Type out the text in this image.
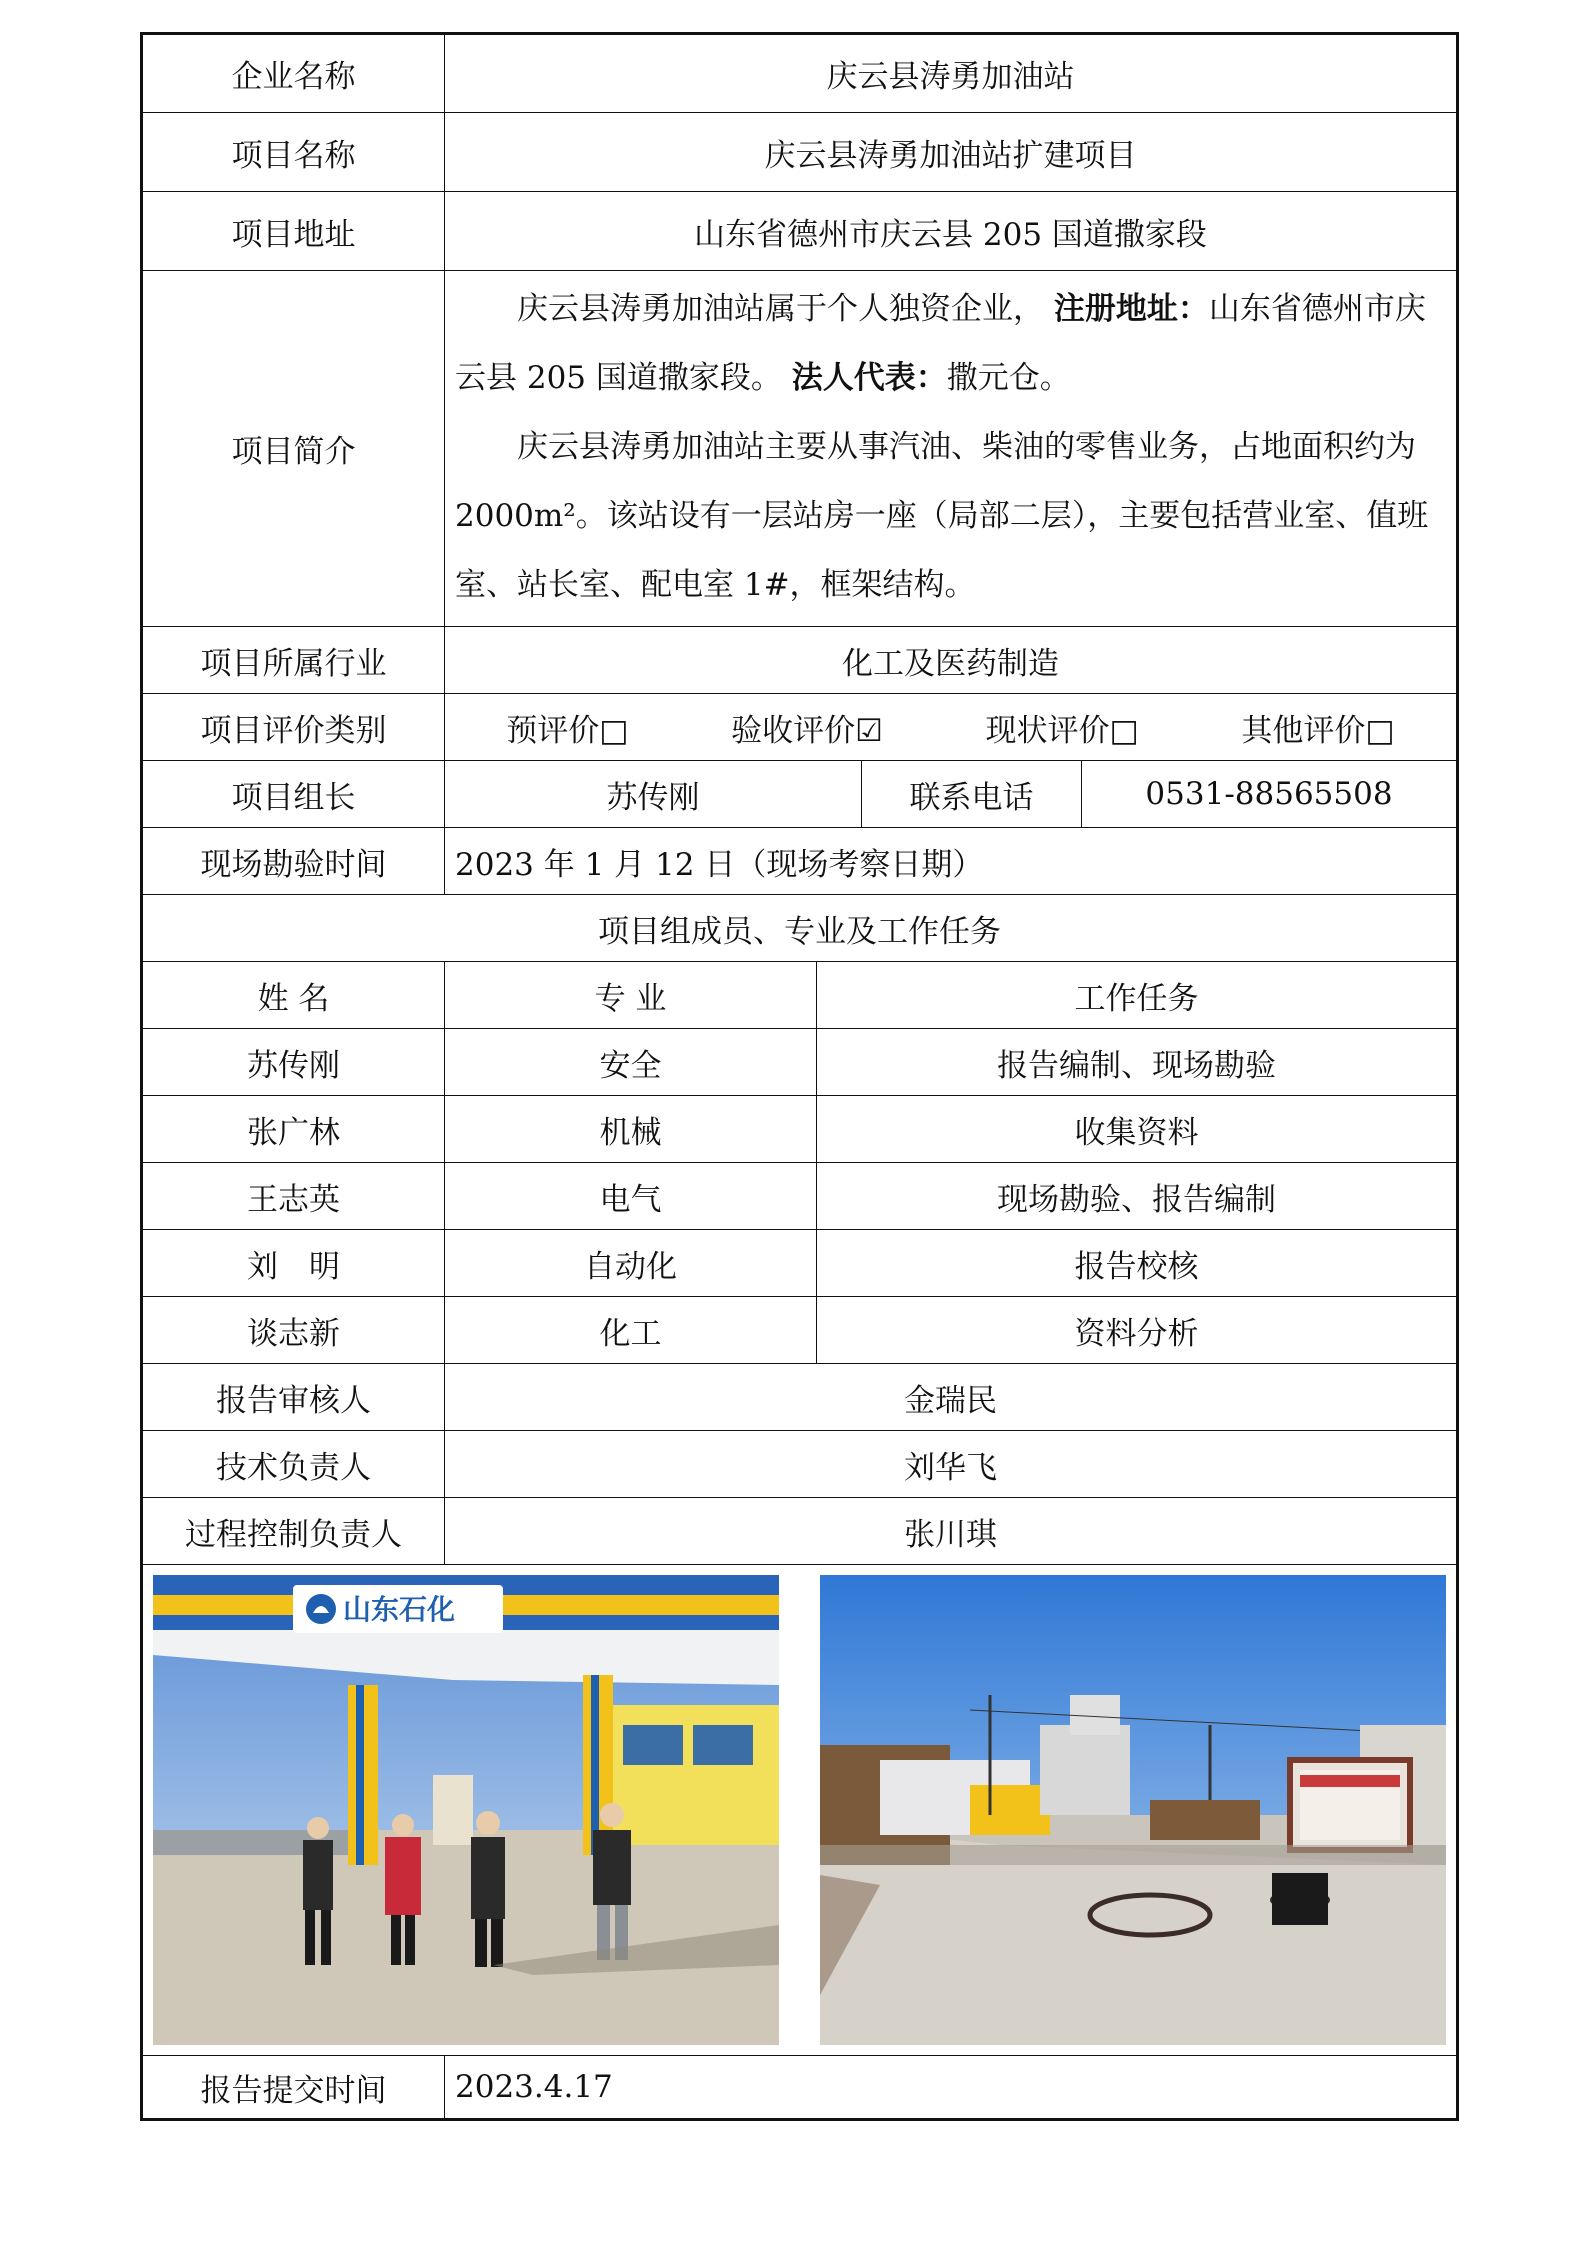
企业名称	庆云县涛勇加油站			
项目名称	庆云县涛勇加油站扩建项目			
项目地址	山东省德州市庆云县 205 国道撒家段			
项目简介	庆云县涛勇加油站属于个人独资企业， 注册地址：山东省德州市庆云县 205 国道撒家段。 法人代表：撒元仓。

庆云县涛勇加油站主要从事汽油、柴油的零售业务，占地面积约为 2000m²。该站设有一层站房一座（局部二层），主要包括营业室、值班室、站长室、配电室 1#，框架结构。			

项目所属行业	化工及医药制造			
项目评价类别	预评价□ 验收评价☑ 现状评价□ 其他评价□			

项目组长	苏传刚		联系电话	0531-88565508
现场勘验时间	2023 年 1 月 12 日（现场考察日期）			
项目组成员、专业及工作任务				
姓 名	专 业	工作任务		
苏传刚	安全	报告编制、现场勘验		
张广林	机械	收集资料		
王志英	电气	现场勘验、报告编制		
刘　明	自动化	报告校核		
谈志新	化工	资料分析		
报告审核人	金瑞民			
技术负责人	刘华飞			
过程控制负责人	张川琪			

山东石化				

报告提交时间	2023.4.17			
